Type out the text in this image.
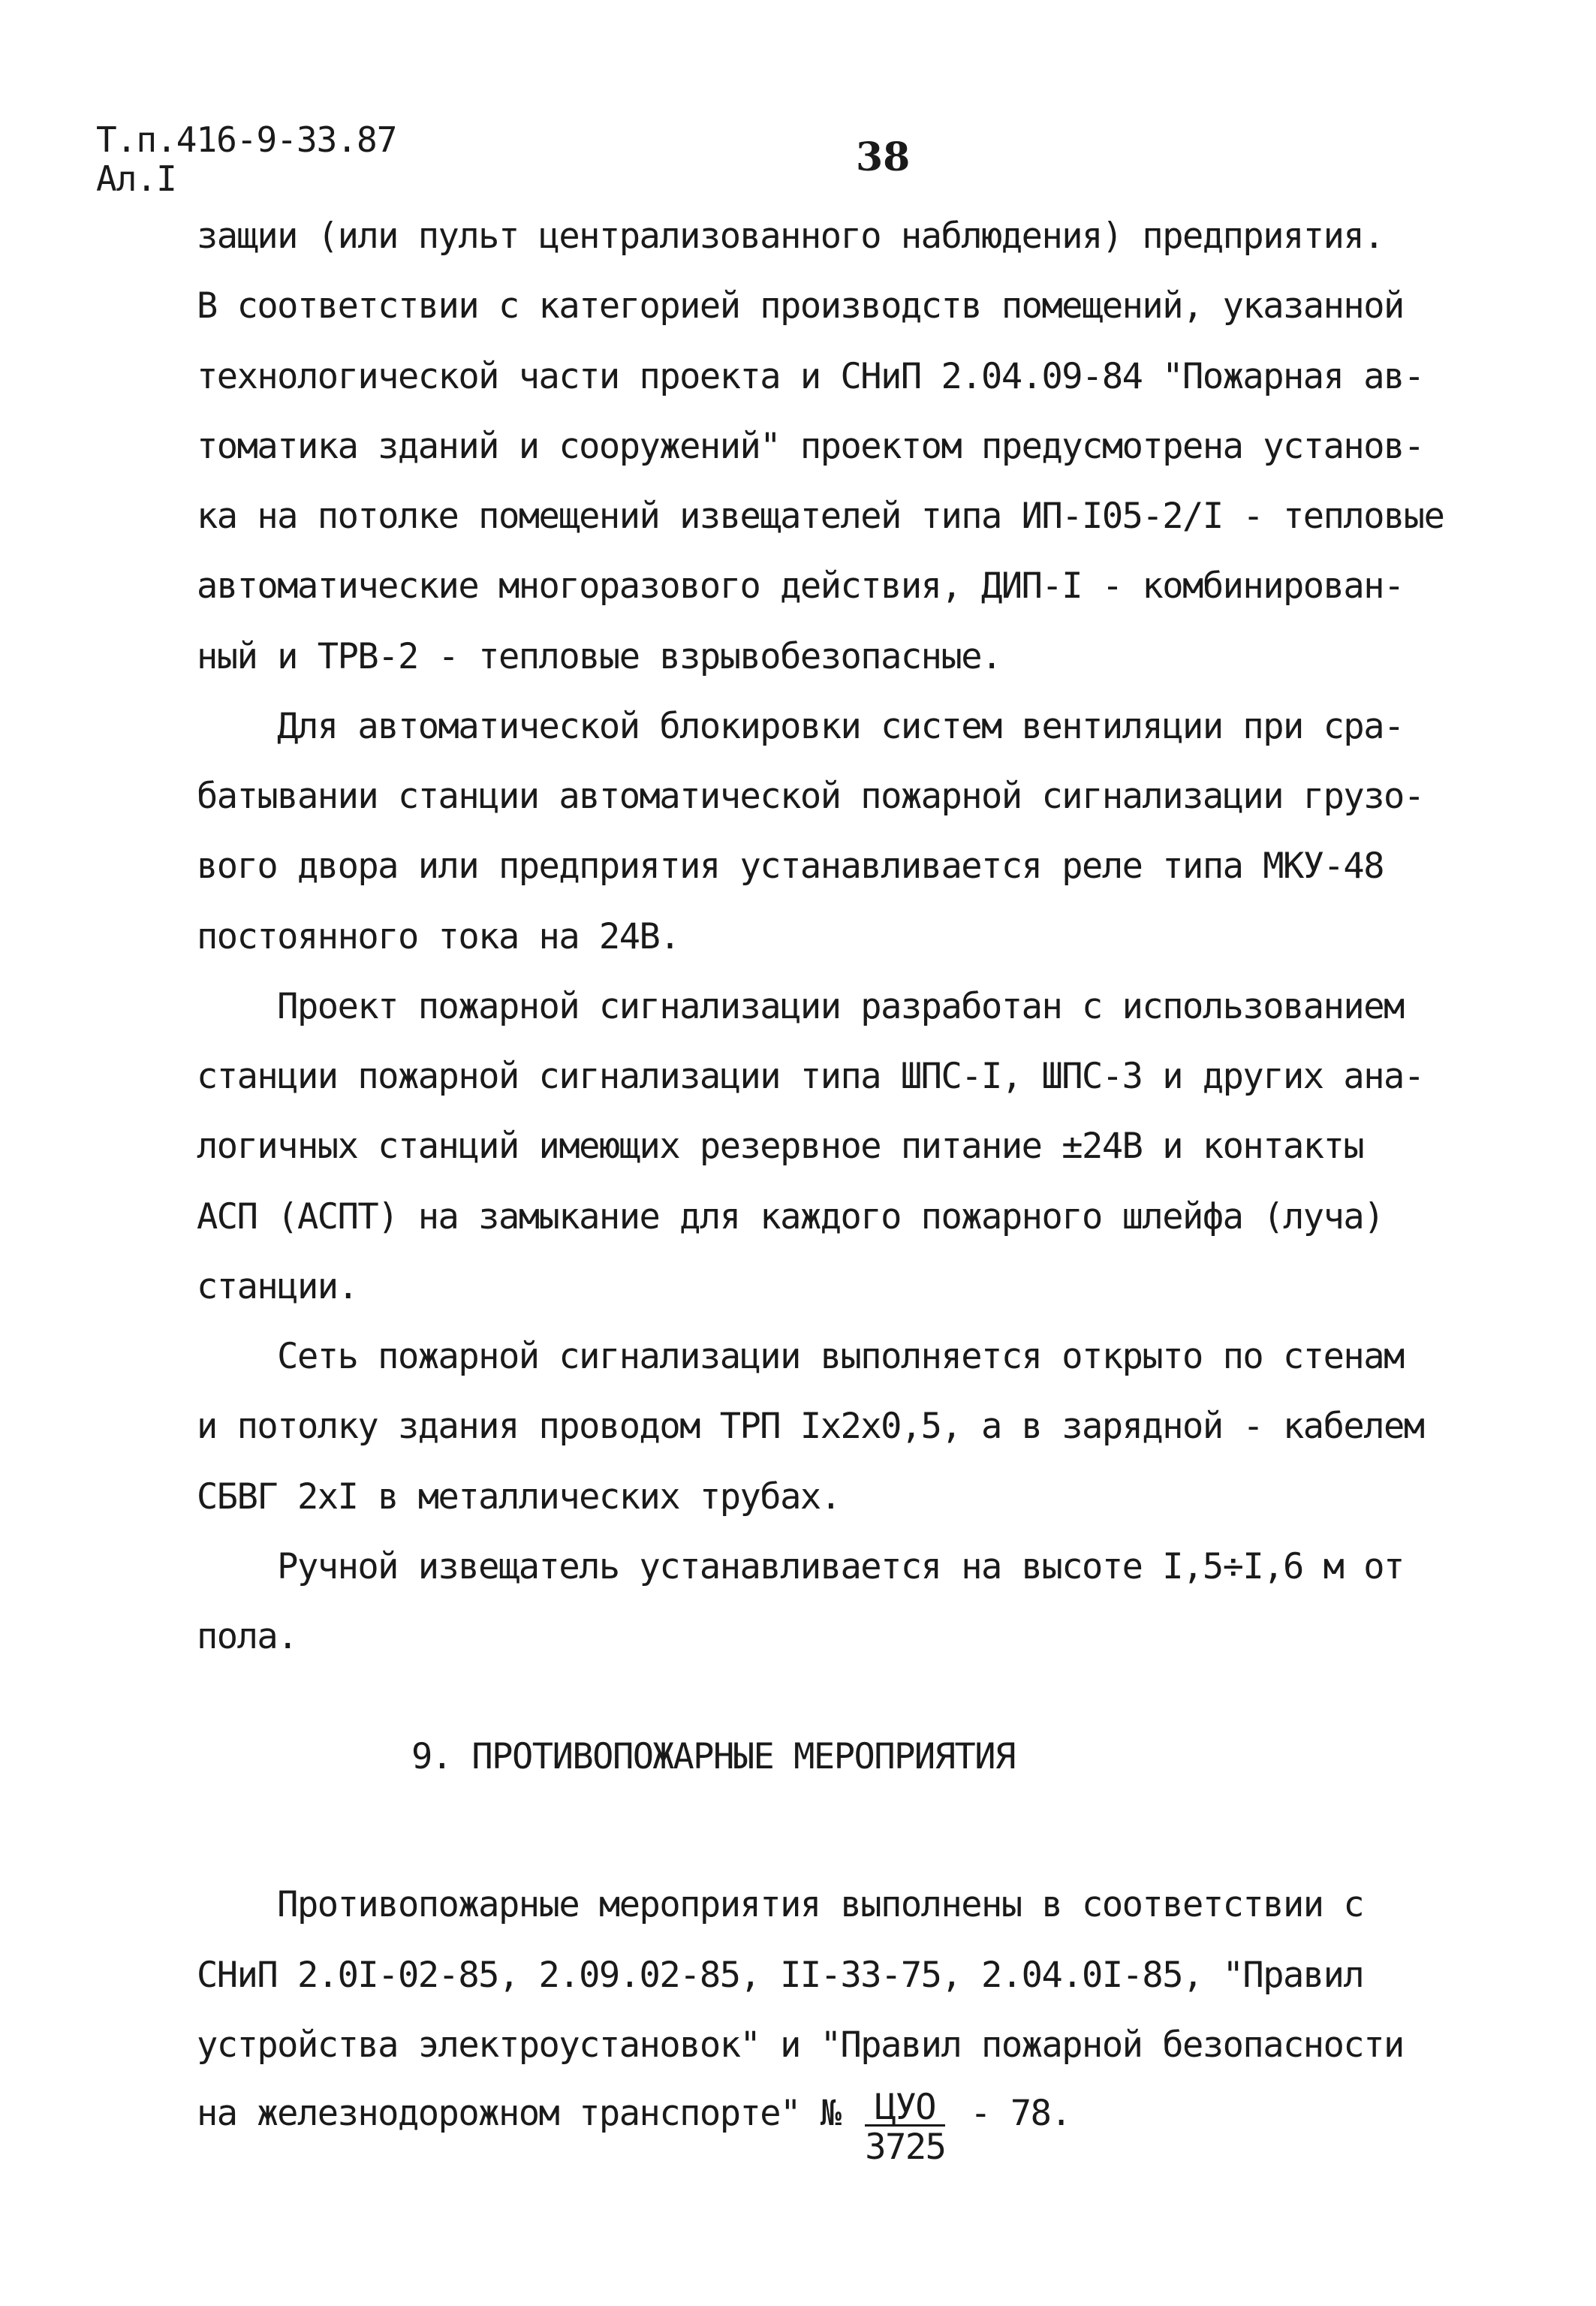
Т.п.416-9-33.87
Ал.I	38
защии (или пульт централизованного наблюдения) предприятия.
В соответствии с категорией производств помещений, указанной
технологической части проекта и СНиП 2.04.09-84 "Пожарная ав-
томатика зданий и сооружений" проектом предусмотрена установ-
ка на потолке помещений извещателей типа ИП-I05-2/I - тепловые
автоматические многоразового действия, ДИП-I - комбинирован-
ный и ТРВ-2 - тепловые взрывобезопасные.
Для автоматической блокировки систем вентиляции при сра-
батывании станции автоматической пожарной сигнализации грузо-
вого двора или предприятия устанавливается реле типа МКУ-48
постоянного тока на 24В.
Проект пожарной сигнализации разработан с использованием
станции пожарной сигнализации типа ШПС-I, ШПС-3 и других ана-
логичных станций имеющих резервное питание ±24В и контакты
АСП (АСПТ) на замыкание для каждого пожарного шлейфа (луча)
станции.
Сеть пожарной сигнализации выполняется открыто по стенам
и потолку здания проводом ТРП Iх2х0,5, а в зарядной - кабелем
СБВГ 2хI в металлических трубах.
Ручной извещатель устанавливается на высоте I,5÷I,6 м от
пола.
9. ПРОТИВОПОЖАРНЫЕ МЕРОПРИЯТИЯ
Противопожарные мероприятия выполнены в соответствии с
СНиП 2.0I-02-85, 2.09.02-85, II-33-75, 2.04.0I-85, "Правил
устройства электроустановок" и "Правил пожарной безопасности
на железнодорожном транспорте" № $\frac{\text{ЦУО}}{3725} - 78$.
